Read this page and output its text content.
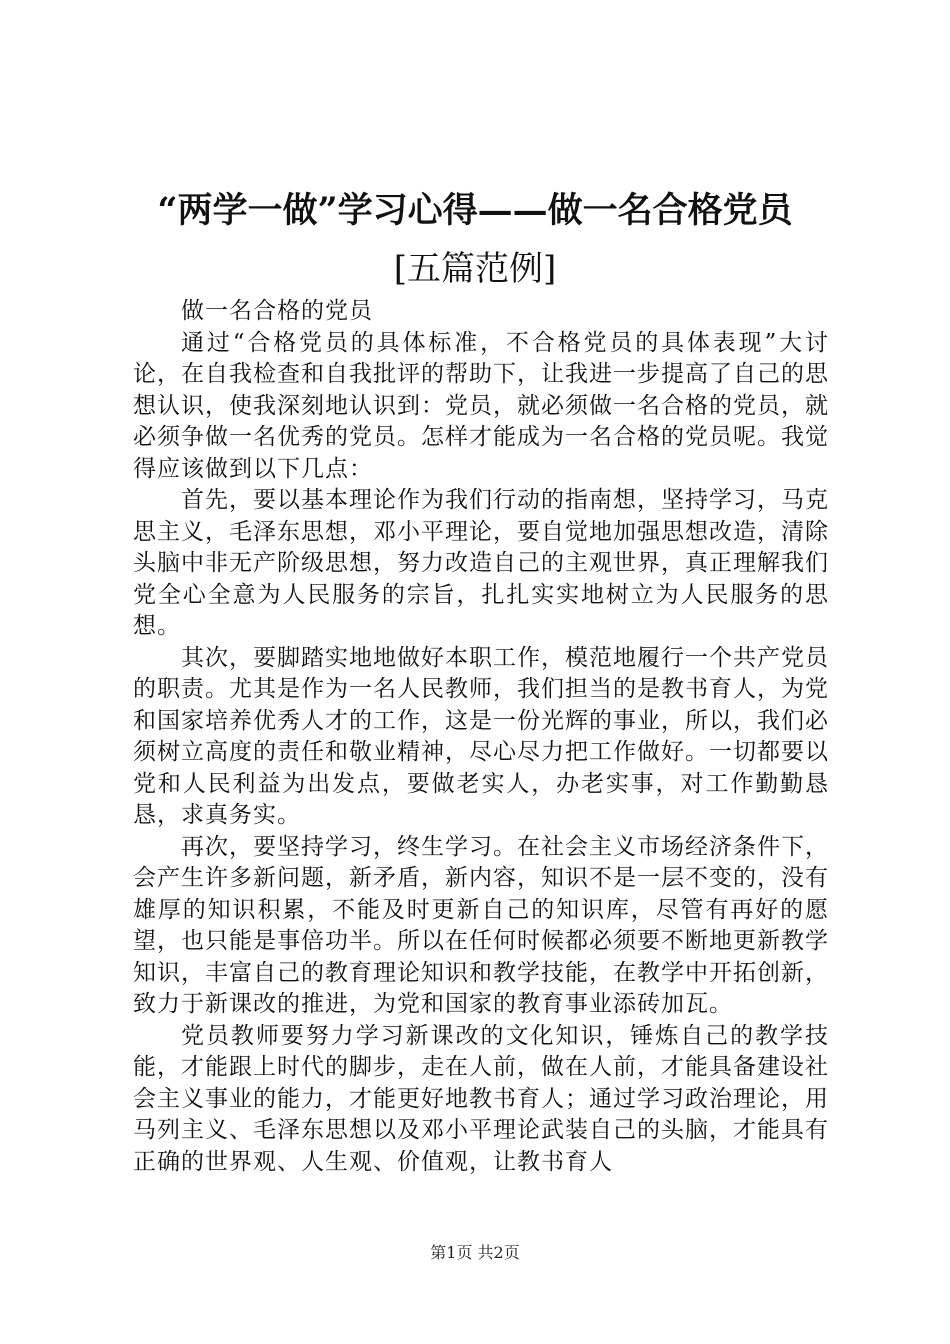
“两学一做”学习心得——做一名合格党员
[五篇范例]

做一名合格的党员

通过“合格党员的具体标准，不合格党员的具体表现”大讨论，在自我检查和自我批评的帮助下，让我进一步提高了自己的思想认识，使我深刻地认识到：党员，就必须做一名合格的党员，就必须争做一名优秀的党员。怎样才能成为一名合格的党员呢。我觉得应该做到以下几点：

首先，要以基本理论作为我们行动的指南想，坚持学习，马克思主义，毛泽东思想，邓小平理论，要自觉地加强思想改造，清除头脑中非无产阶级思想，努力改造自己的主观世界，真正理解我们党全心全意为人民服务的宗旨，扎扎实实地树立为人民服务的思想。

其次，要脚踏实地地做好本职工作，模范地履行一个共产党员的职责。尤其是作为一名人民教师，我们担当的是教书育人，为党和国家培养优秀人才的工作，这是一份光辉的事业，所以，我们必须树立高度的责任和敬业精神，尽心尽力把工作做好。一切都要以党和人民利益为出发点，要做老实人，办老实事，对工作勤勤恳恳，求真务实。

再次，要坚持学习，终生学习。在社会主义市场经济条件下，会产生许多新问题，新矛盾，新内容，知识不是一层不变的，没有雄厚的知识积累，不能及时更新自己的知识库，尽管有再好的愿望，也只能是事倍功半。所以在任何时候都必须要不断地更新教学知识，丰富自己的教育理论知识和教学技能，在教学中开拓创新，致力于新课改的推进，为党和国家的教育事业添砖加瓦。

党员教师要努力学习新课改的文化知识，锤炼自己的教学技能，才能跟上时代的脚步，走在人前，做在人前，才能具备建设社会主义事业的能力，才能更好地教书育人；通过学习政治理论，用马列主义、毛泽东思想以及邓小平理论武装自己的头脑，才能具有正确的世界观、人生观、价值观，让教书育人

第1页 共2页
